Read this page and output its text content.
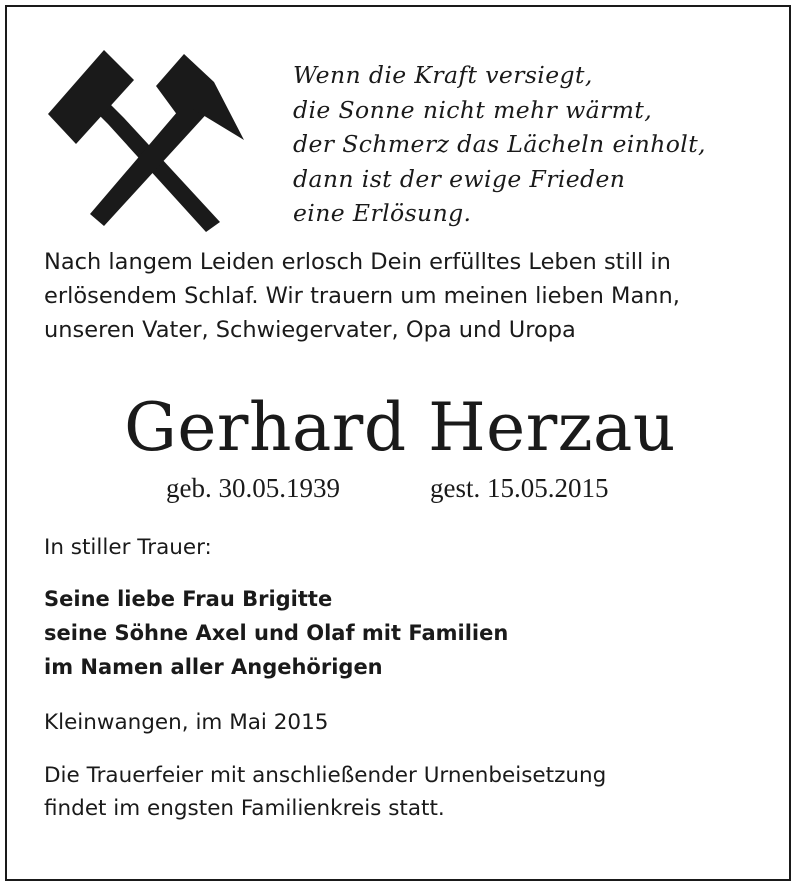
Wenn die Kraft versiegt,
die Sonne nicht mehr wärmt,
der Schmerz das Lächeln einholt,
dann ist der ewige Frieden
eine Erlösung.
Nach langem Leiden erlosch Dein erfülltes Leben still in
erlösendem Schlaf. Wir trauern um meinen lieben Mann,
unseren Vater, Schwiegervater, Opa und Uropa
Gerhard Herzau
geb. 30.05.1939	gest. 15.05.2015
In stiller Trauer:
Seine liebe Frau Brigitte
seine Söhne Axel und Olaf mit Familien
im Namen aller Angehörigen
Kleinwangen, im Mai 2015
Die Trauerfeier mit anschließender Urnenbeisetzung
findet im engsten Familienkreis statt.
